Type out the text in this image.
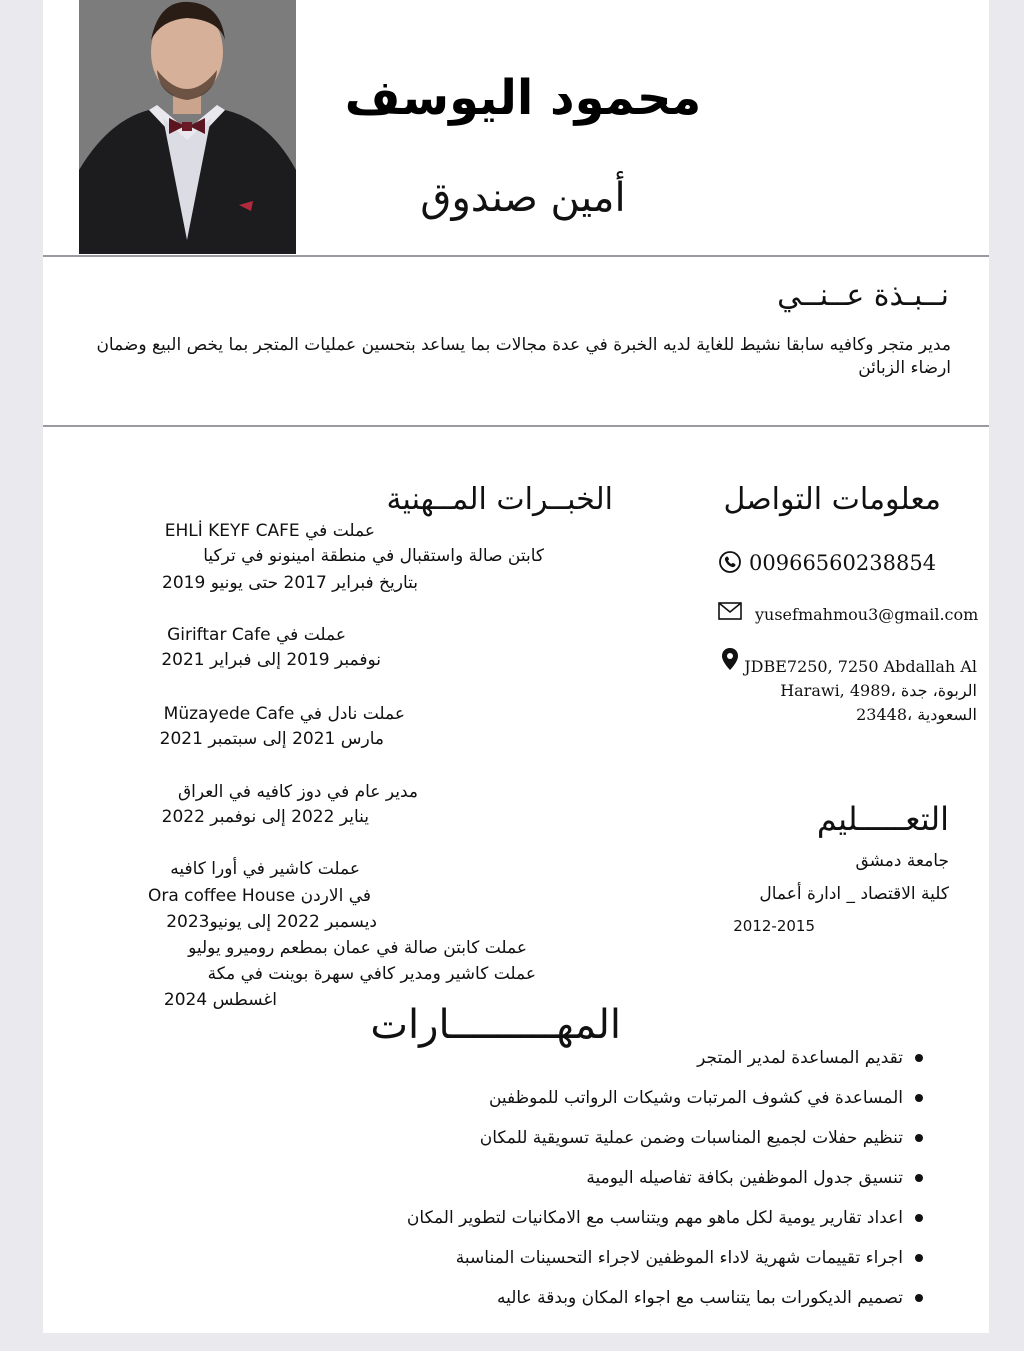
محمود اليوسف
أمين صندوق
نــبـذة عــنــي
مدير متجر وكافيه سابقا نشيط للغاية لديه الخبرة في عدة مجالات بما يساعد بتحسين عمليات المتجر بما يخص البيع وضمان ارضاء الزبائن
معلومات التواصل
00966560238854
yusefmahmou3@gmail.com
JDBE7250, 7250 Abdallah Al
Harawi, 4989، الربوة، جدة
23448، السعودية
الخبــرات المــهنية
عملت في EHLİ KEYF CAFE
كابتن صالة واستقبال في منطقة امينونو في تركيا
بتاريخ فبراير 2017 حتى يونيو 2019
عملت في Giriftar Cafe
نوفمبر 2019 إلى فبراير 2021
عملت نادل في Müzayede Cafe
مارس 2021 إلى سبتمبر 2021
مدير عام في دوز كافيه في العراق
يناير 2022 إلى نوفمبر 2022
عملت كاشير في أورا كافيه
في الاردن Ora coffee House
ديسمبر 2022 إلى يونيو2023
عملت كابتن صالة في عمان بمطعم روميرو يوليو
عملت كاشير ومدير كافي سهرة بوينت في مكة
اغسطس 2024
التعـــــليم
جامعة دمشق
كلية الاقتصاد _ ادارة أعمال
2012-2015
المهـــــــــارات
تقديم المساعدة لمدير المتجر
المساعدة في كشوف المرتبات وشيكات الرواتب للموظفين
تنظيم حفلات لجميع المناسبات وضمن عملية تسويقية للمكان
تنسيق جدول الموظفين بكافة تفاصيله اليومية
اعداد تقارير يومية لكل ماهو مهم ويتناسب مع الامكانيات لتطوير المكان
اجراء تقييمات شهرية لاداء الموظفين لاجراء التحسينات المناسبة
تصميم الديكورات بما يتناسب مع اجواء المكان وبدقة عاليه
